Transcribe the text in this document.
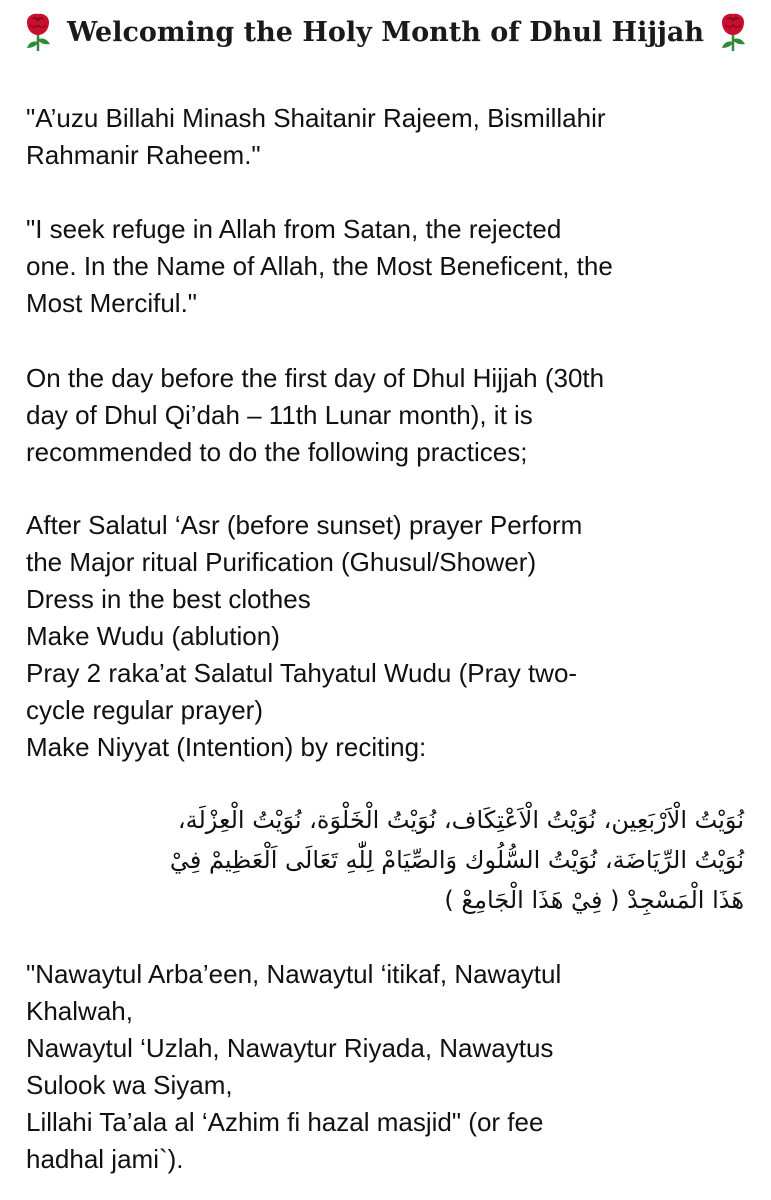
Welcoming the Holy Month of Dhul Hijjah
"A’uzu Billahi Minash Shaitanir Rajeem, Bismillahir
Rahmanir Raheem."
"I seek refuge in Allah from Satan, the rejected
one. In the Name of Allah, the Most Beneficent, the
Most Merciful."
On the day before the first day of Dhul Hijjah (30th
day of Dhul Qi’dah – 11th Lunar month), it is
recommended to do the following practices;
After Salatul ‘Asr (before sunset) prayer Perform
the Major ritual Purification (Ghusul/Shower)
Dress in the best clothes
Make Wudu (ablution)
Pray 2 raka’at Salatul Tahyatul Wudu (Pray two-
cycle regular prayer)
Make Niyyat (Intention) by reciting:
نُوَيْتُ الْاَرْبَعِين، نُوَيْتُ الْاَعْتِكَاف، نُوَيْتُ الْخَلْوَة، نُوَيْتُ الْعِزْلَة،
نُوَيْتُ الرِّيَاضَة، نُوَيْتُ السُّلُوك وَالصِّيَامْ لِلّٰهِ تَعَالَى اَلْعَظِيمْ فِيْ
هَذَا الْمَسْجِدْ ( فِيْ هَذَا الْجَامِعْ )
"Nawaytul Arba’een, Nawaytul ‘itikaf, Nawaytul
Khalwah,
Nawaytul ‘Uzlah, Nawaytur Riyada, Nawaytus
Sulook wa Siyam,
Lillahi Ta’ala al ‘Azhim fi hazal masjid" (or fee
hadhal jami`).
